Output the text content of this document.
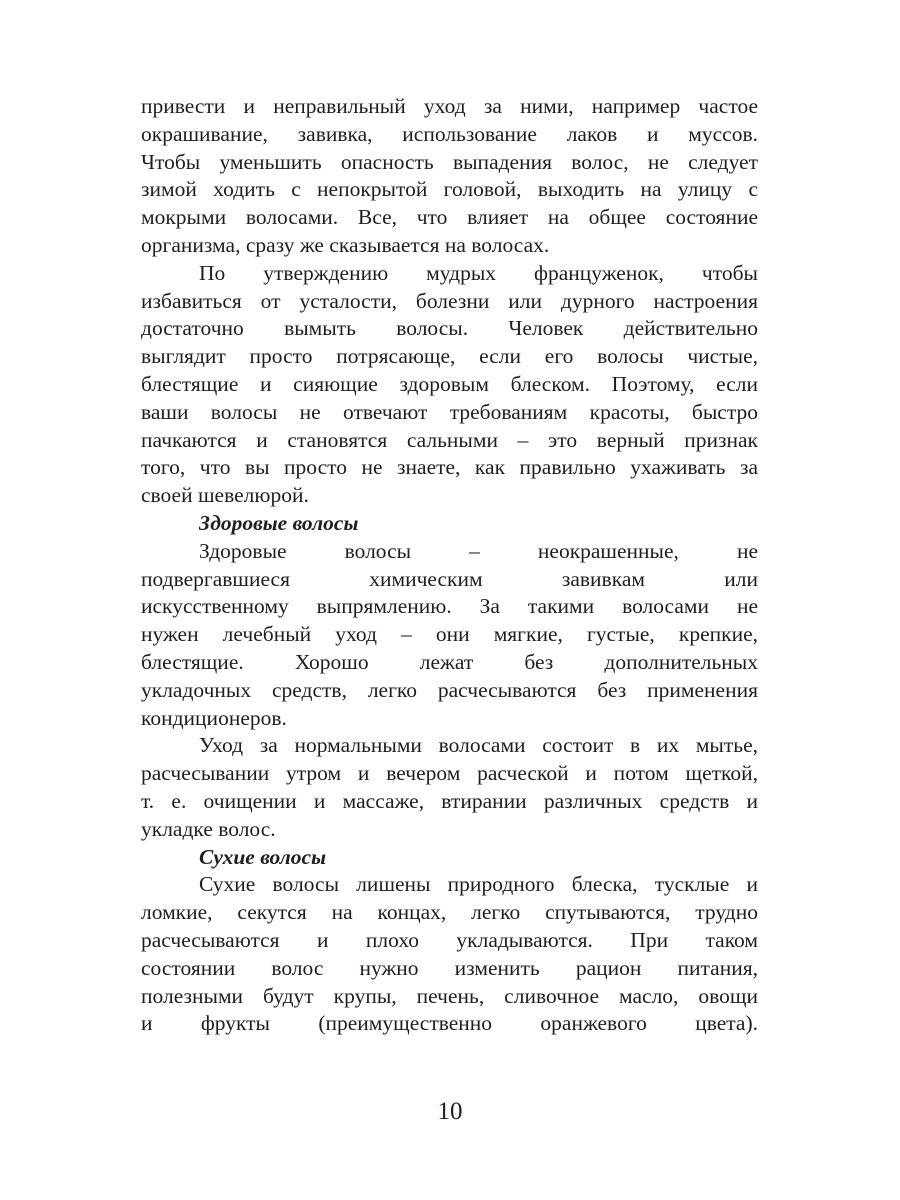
привести и неправильный уход за ними, например частое
окрашивание, завивка, использование лаков и муссов.
Чтобы уменьшить опасность выпадения волос, не следует
зимой ходить с непокрытой головой, выходить на улицу с
мокрыми волосами. Все, что влияет на общее состояние
организма, сразу же сказывается на волосах.
По утверждению мудрых француженок, чтобы
избавиться от усталости, болезни или дурного настроения
достаточно вымыть волосы. Человек действительно
выглядит просто потрясающе, если его волосы чистые,
блестящие и сияющие здоровым блеском. Поэтому, если
ваши волосы не отвечают требованиям красоты, быстро
пачкаются и становятся сальными – это верный признак
того, что вы просто не знаете, как правильно ухаживать за
своей шевелюрой.
Здоровые волосы
Здоровые волосы – неокрашенные, не
подвергавшиеся химическим завивкам или
искусственному выпрямлению. За такими волосами не
нужен лечебный уход – они мягкие, густые, крепкие,
блестящие. Хорошо лежат без дополнительных
укладочных средств, легко расчесываются без применения
кондиционеров.
Уход за нормальными волосами состоит в их мытье,
расчесывании утром и вечером расческой и потом щеткой,
т. е. очищении и массаже, втирании различных средств и
укладке волос.
Сухие волосы
Сухие волосы лишены природного блеска, тусклые и
ломкие, секутся на концах, легко спутываются, трудно
расчесываются и плохо укладываются. При таком
состоянии волос нужно изменить рацион питания,
полезными будут крупы, печень, сливочное масло, овощи
и фрукты (преимущественно оранжевого цвета).
10
